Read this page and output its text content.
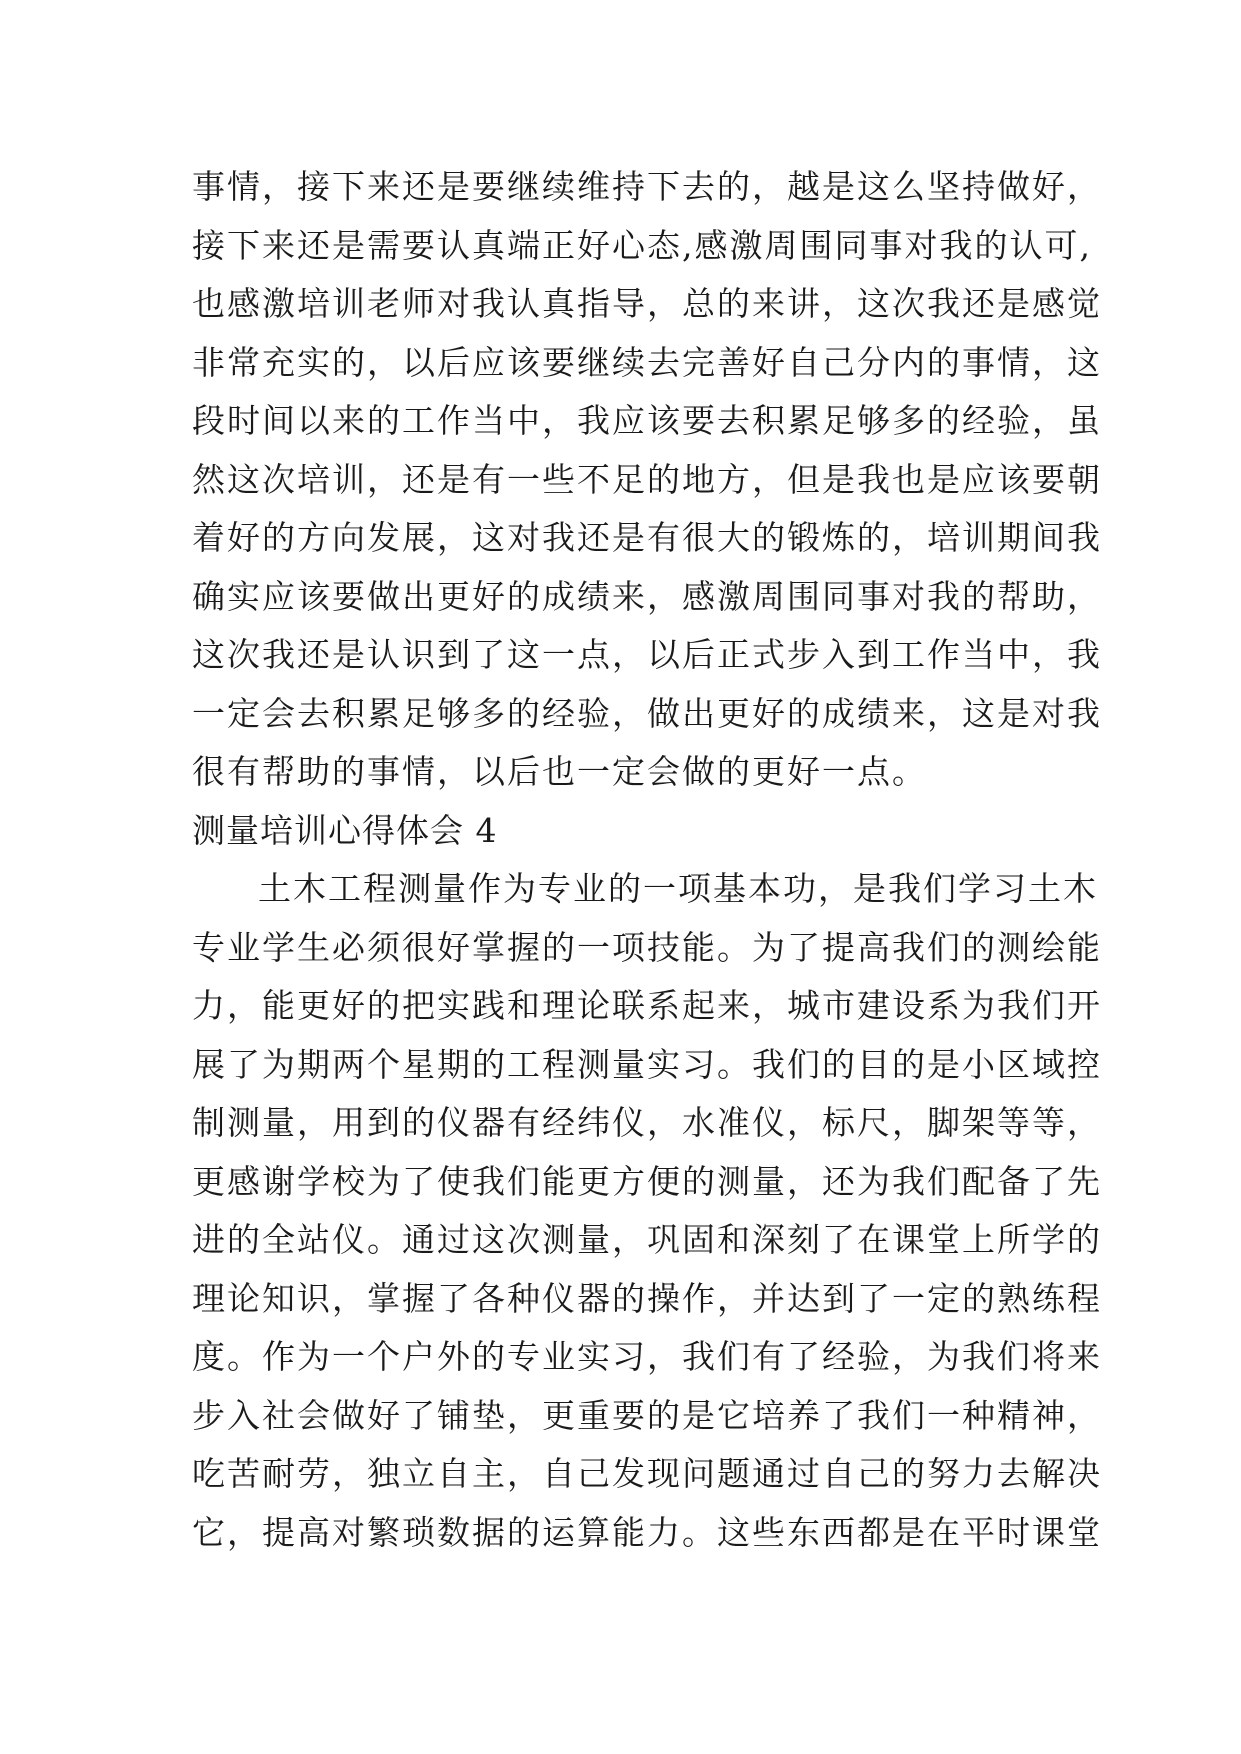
事情，接下来还是要继续维持下去的，越是这么坚持做好，
接下来还是需要认真端正好心态,感激周围同事对我的认可,
也感激培训老师对我认真指导，总的来讲，这次我还是感觉
非常充实的，以后应该要继续去完善好自己分内的事情，这
段时间以来的工作当中，我应该要去积累足够多的经验，虽
然这次培训，还是有一些不足的地方，但是我也是应该要朝
着好的方向发展，这对我还是有很大的锻炼的，培训期间我
确实应该要做出更好的成绩来，感激周围同事对我的帮助，
这次我还是认识到了这一点，以后正式步入到工作当中，我
一定会去积累足够多的经验，做出更好的成绩来，这是对我
很有帮助的事情，以后也一定会做的更好一点。
测量培训心得体会 4
土木工程测量作为专业的一项基本功，是我们学习土木
专业学生必须很好掌握的一项技能。为了提高我们的测绘能
力，能更好的把实践和理论联系起来，城市建设系为我们开
展了为期两个星期的工程测量实习。我们的目的是小区域控
制测量，用到的仪器有经纬仪，水准仪，标尺，脚架等等，
更感谢学校为了使我们能更方便的测量，还为我们配备了先
进的全站仪。通过这次测量，巩固和深刻了在课堂上所学的
理论知识，掌握了各种仪器的操作，并达到了一定的熟练程
度。作为一个户外的专业实习，我们有了经验，为我们将来
步入社会做好了铺垫，更重要的是它培养了我们一种精神，
吃苦耐劳，独立自主，自己发现问题通过自己的努力去解决
它，提高对繁琐数据的运算能力。这些东西都是在平时课堂
